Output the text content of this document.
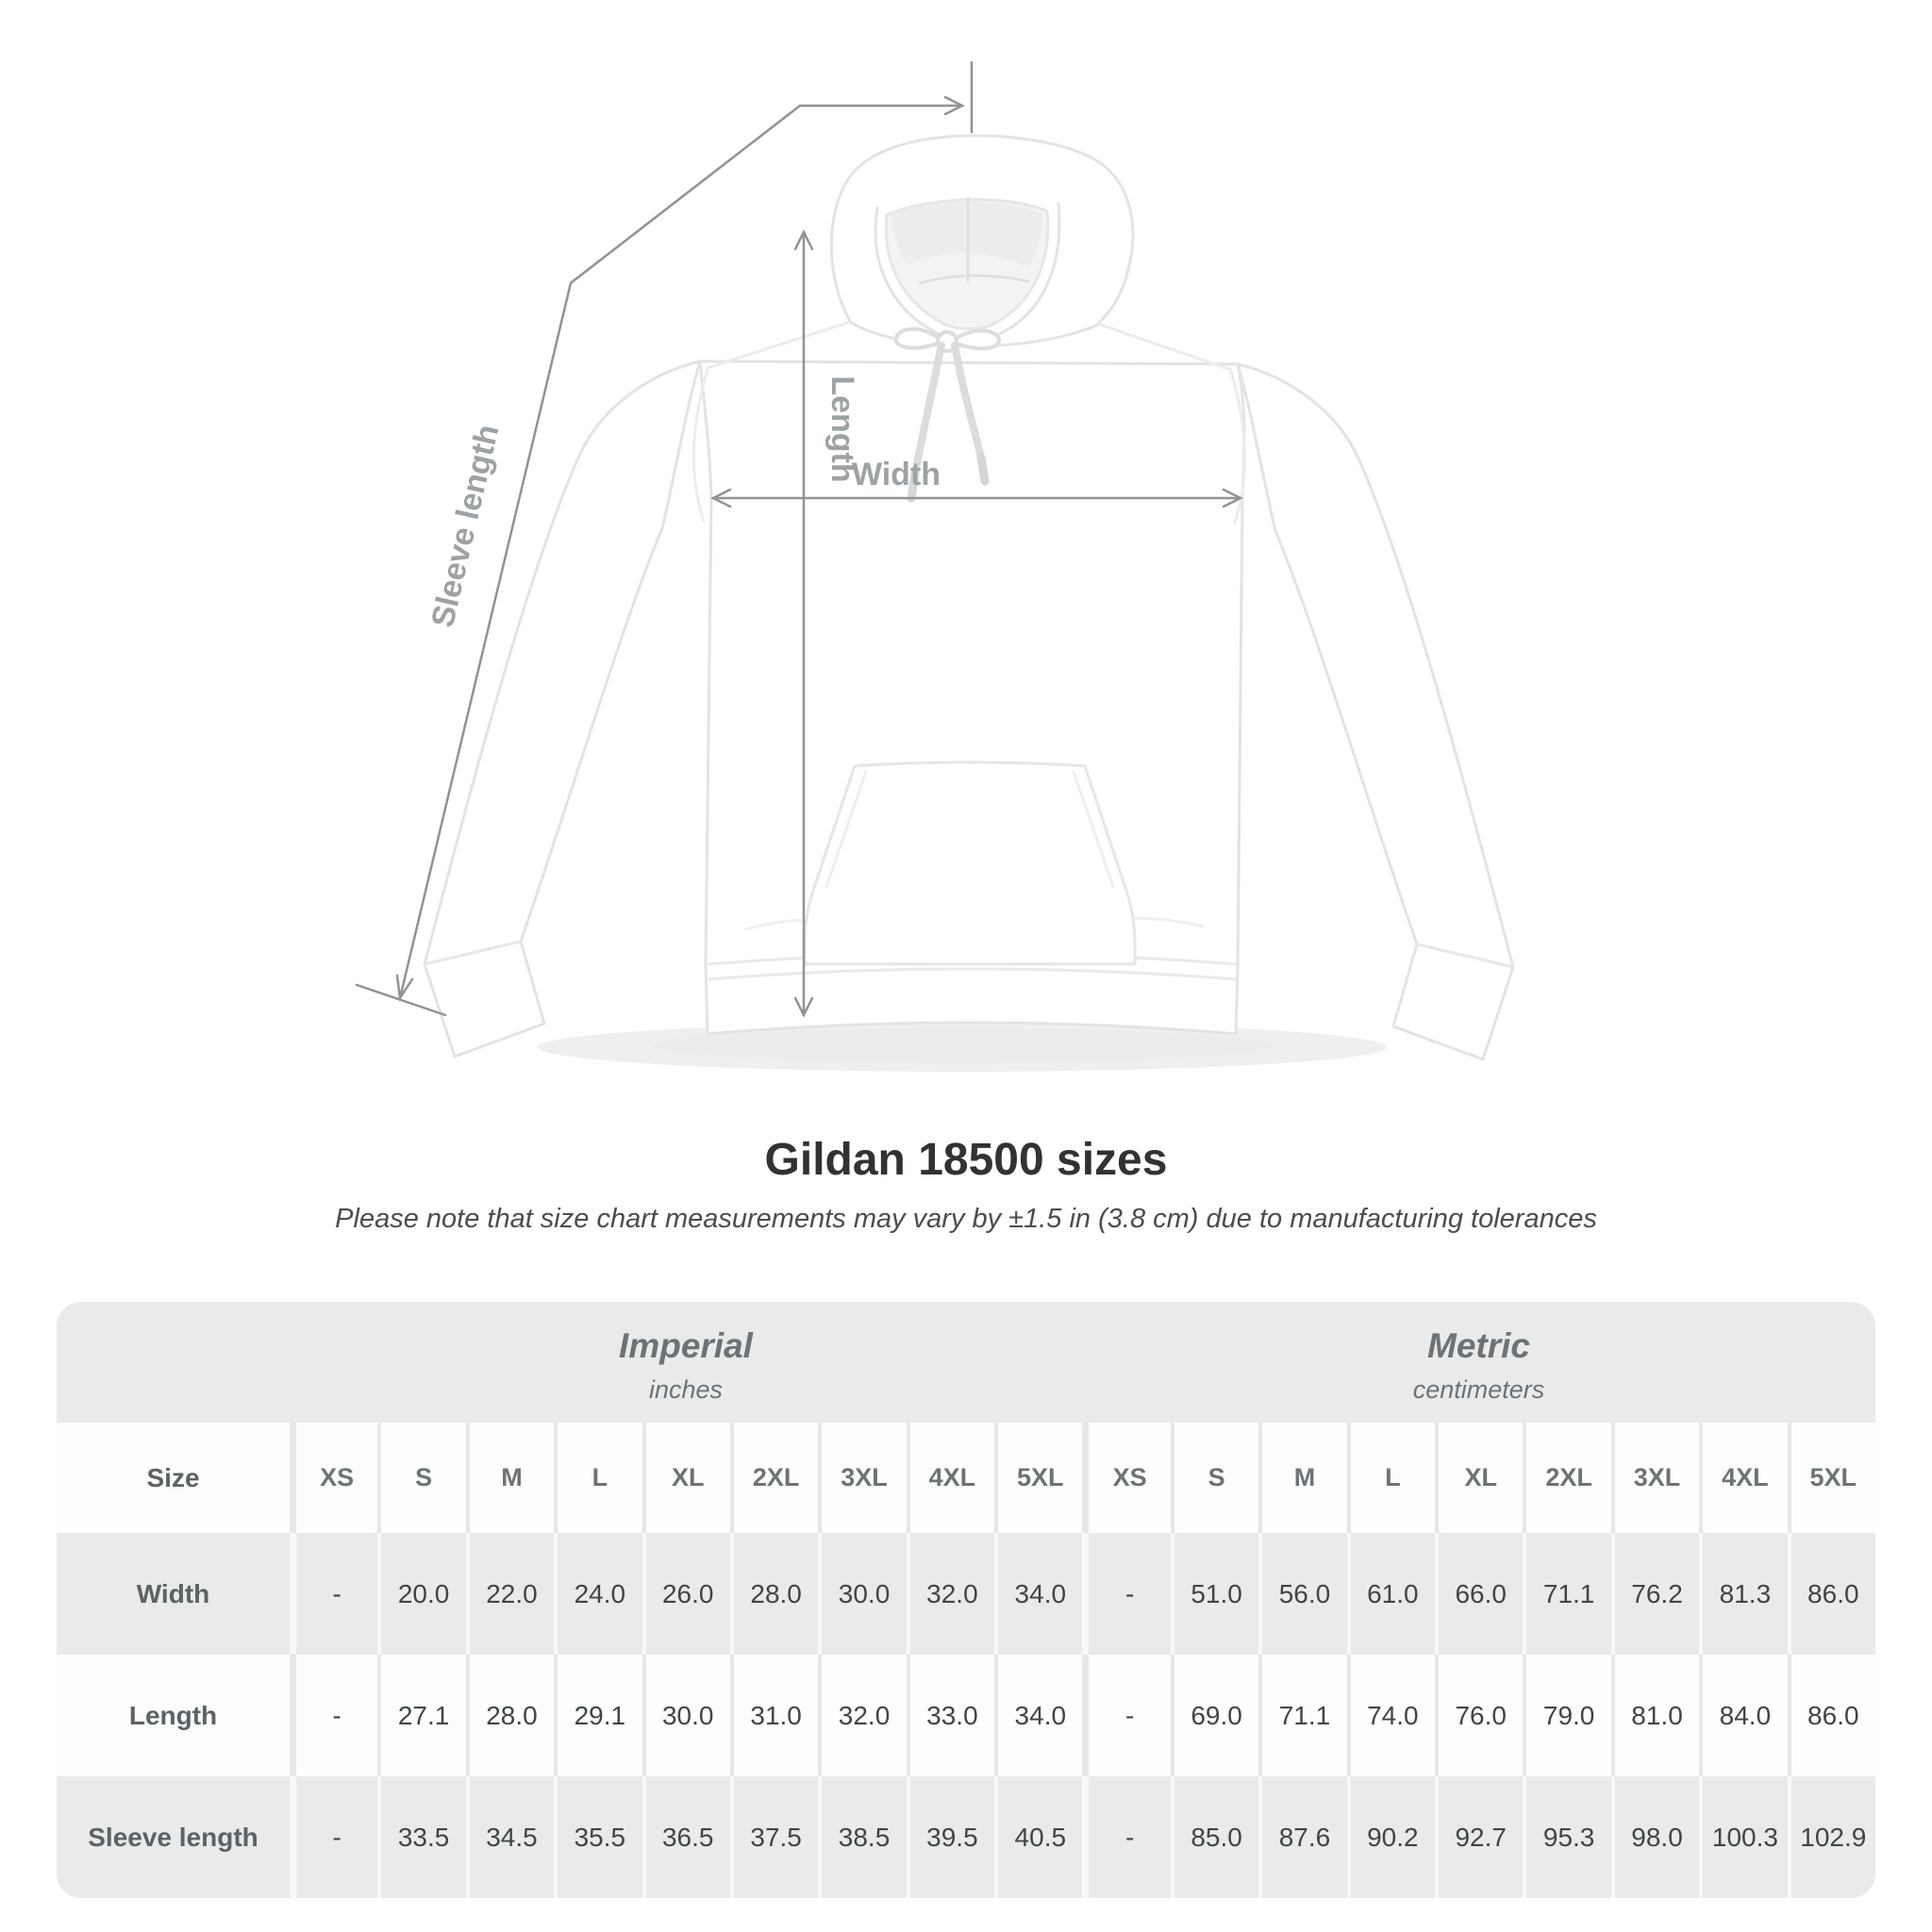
Sleeve length	Length
Width
Gildan 18500 sizes
Please note that size chart measurements may vary by ±1.5 in (3.8 cm) due to manufacturing tolerances
Imperial
inches
Metric
centimeters
Size	XS	S	M	L	XL	2XL	3XL	4XL	5XL	XS	S	M	L	XL	2XL	3XL	4XL	5XL
Width	-	20.0	22.0	24.0	26.0	28.0	30.0	32.0	34.0	-	51.0	56.0	61.0	66.0	71.1	76.2	81.3	86.0
Length	-	27.1	28.0	29.1	30.0	31.0	32.0	33.0	34.0	-	69.0	71.1	74.0	76.0	79.0	81.0	84.0	86.0
Sleeve length	-	33.5	34.5	35.5	36.5	37.5	38.5	39.5	40.5	-	85.0	87.6	90.2	92.7	95.3	98.0	100.3 102.9
